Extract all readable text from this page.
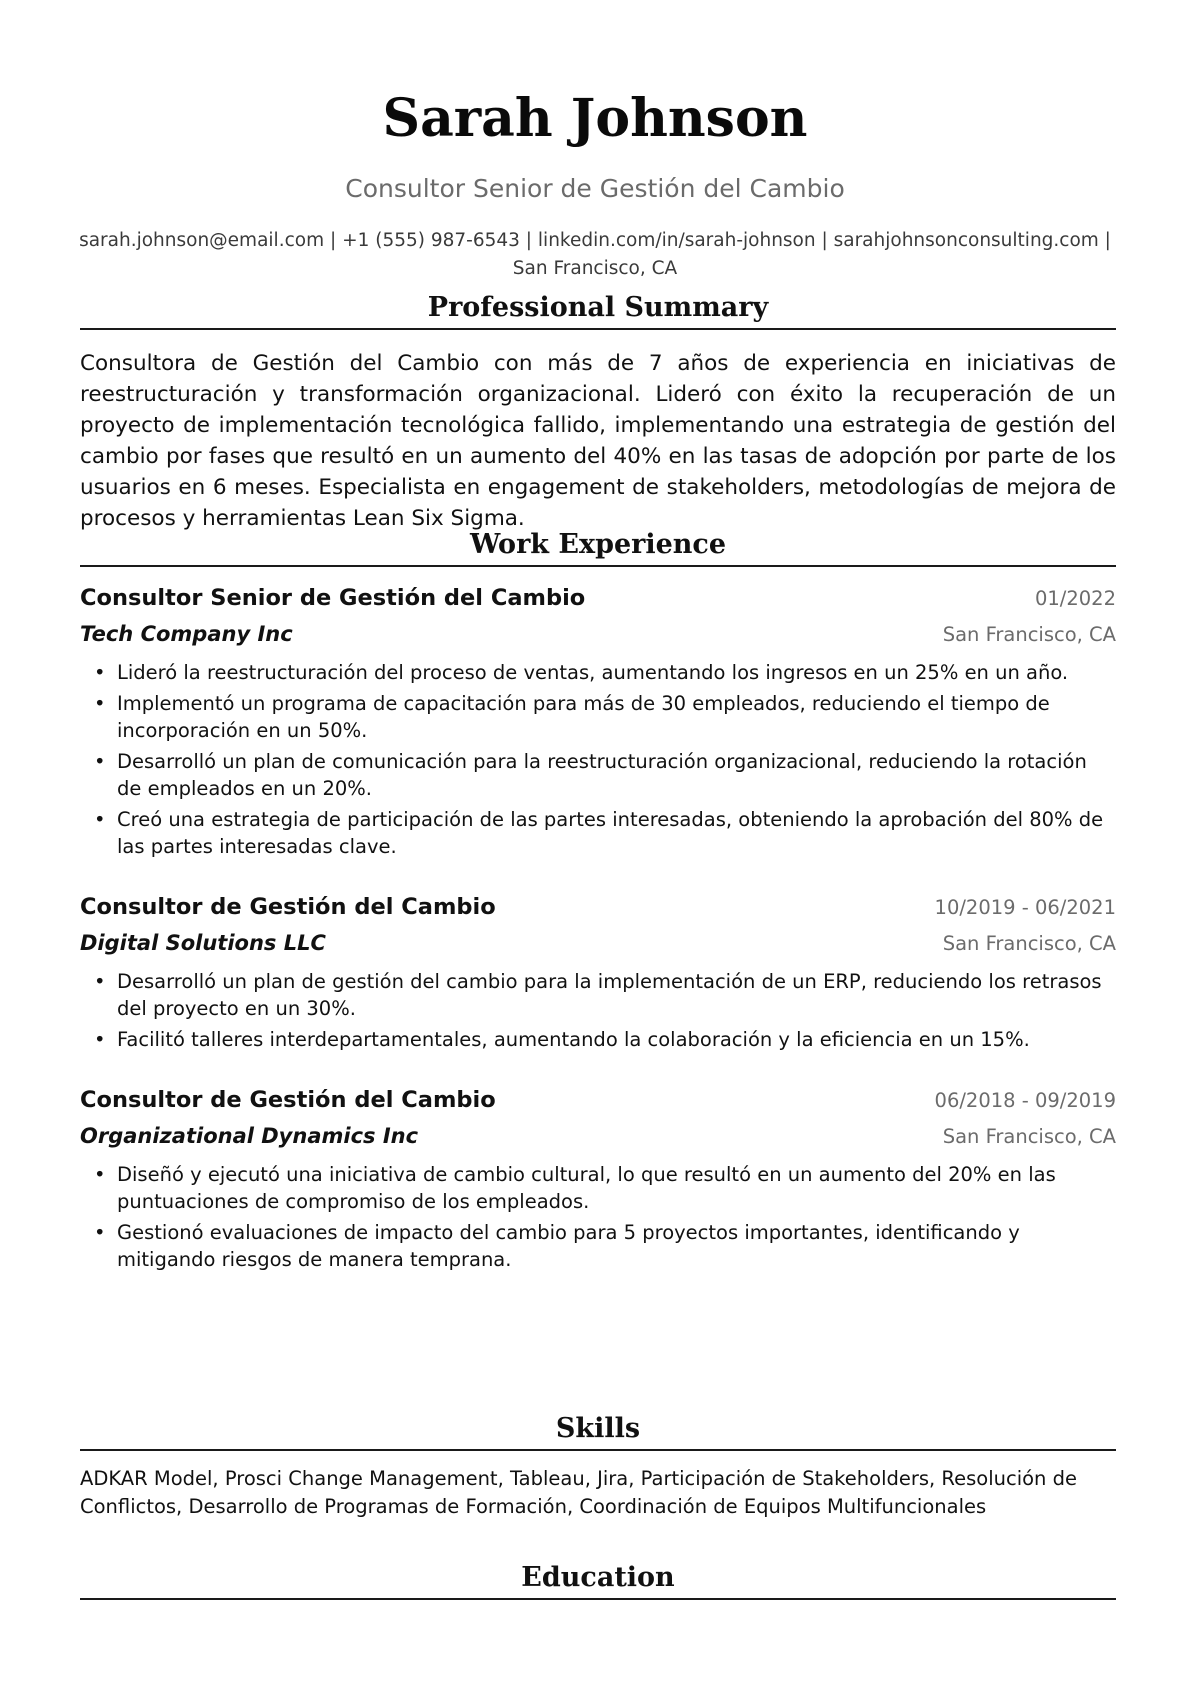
Sarah Johnson
Consultor Senior de Gestión del Cambio
sarah.johnson@email.com | +1 (555) 987-6543 | linkedin.com/in/sarah-johnson | sarahjohnsonconsulting.com | San Francisco, CA
Professional Summary
Consultora de Gestión del Cambio con más de 7 años de experiencia en iniciativas de reestructuración y transformación organizacional. Lideró con éxito la recuperación de un proyecto de implementación tecnológica fallido, implementando una estrategia de gestión del cambio por fases que resultó en un aumento del 40% en las tasas de adopción por parte de los usuarios en 6 meses. Especialista en engagement de stakeholders, metodologías de mejora de procesos y herramientas Lean Six Sigma.
Work Experience
Consultor Senior de Gestión del Cambio	01/2022
Tech Company Inc	San Francisco, CA
• Lideró la reestructuración del proceso de ventas, aumentando los ingresos en un 25% en un año.
• Implementó un programa de capacitación para más de 30 empleados, reduciendo el tiempo de incorporación en un 50%.
• Desarrolló un plan de comunicación para la reestructuración organizacional, reduciendo la rotación de empleados en un 20%.
• Creó una estrategia de participación de las partes interesadas, obteniendo la aprobación del 80% de las partes interesadas clave.
Consultor de Gestión del Cambio	10/2019 - 06/2021
Digital Solutions LLC	San Francisco, CA
• Desarrolló un plan de gestión del cambio para la implementación de un ERP, reduciendo los retrasos del proyecto en un 30%.
• Facilitó talleres interdepartamentales, aumentando la colaboración y la eficiencia en un 15%.
Consultor de Gestión del Cambio	06/2018 - 09/2019
Organizational Dynamics Inc	San Francisco, CA
• Diseñó y ejecutó una iniciativa de cambio cultural, lo que resultó en un aumento del 20% en las puntuaciones de compromiso de los empleados.
• Gestionó evaluaciones de impacto del cambio para 5 proyectos importantes, identificando y mitigando riesgos de manera temprana.
Skills
ADKAR Model, Prosci Change Management, Tableau, Jira, Participación de Stakeholders, Resolución de Conflictos, Desarrollo de Programas de Formación, Coordinación de Equipos Multifuncionales
Education
